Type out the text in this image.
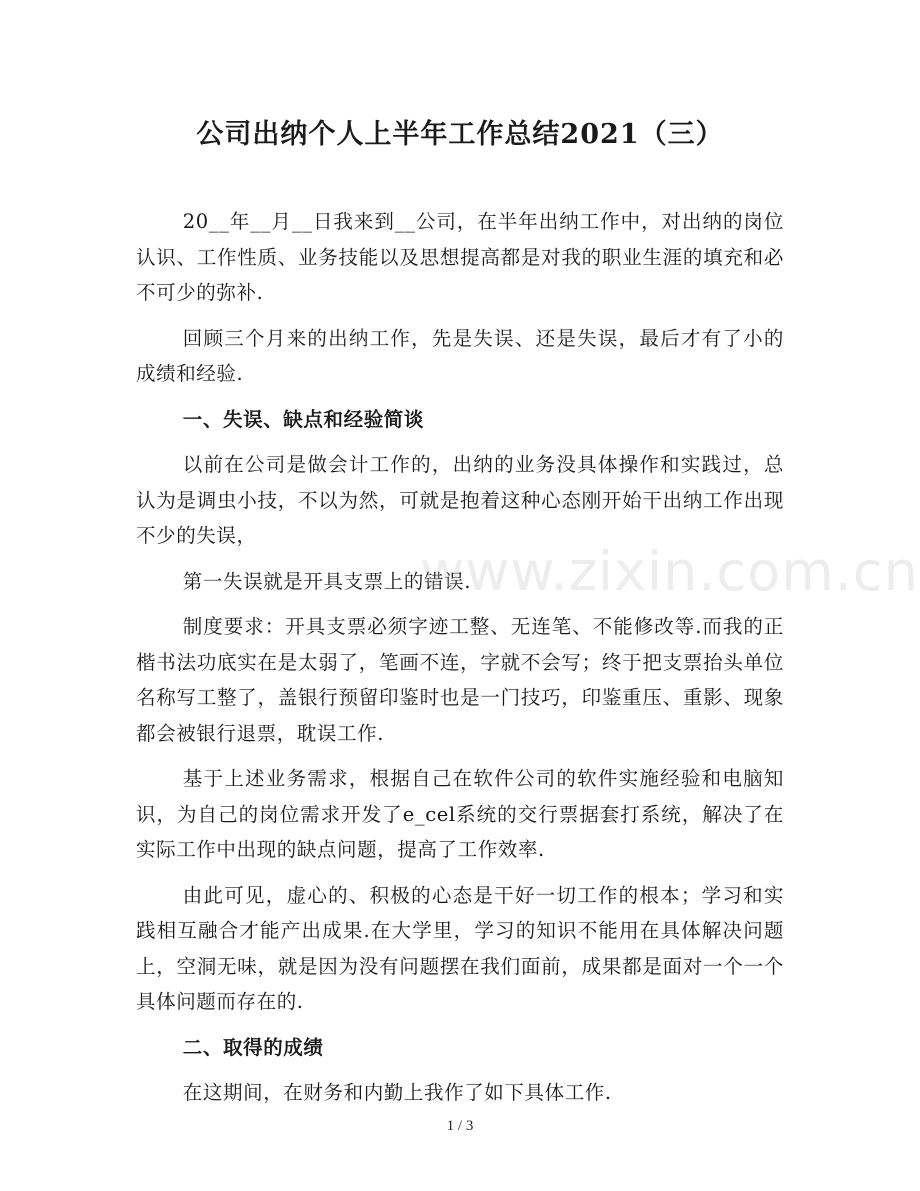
公司出纳个人上半年工作总结2021（三）

20__年__月__日我来到__公司，在半年出纳工作中，对出纳的岗位认识、工作性质、业务技能以及思想提高都是对我的职业生涯的填充和必不可少的弥补.

回顾三个月来的出纳工作，先是失误、还是失误，最后才有了小的成绩和经验.

一、失误、缺点和经验简谈

以前在公司是做会计工作的，出纳的业务没具体操作和实践过，总认为是调虫小技，不以为然，可就是抱着这种心态刚开始干出纳工作出现不少的失误，

第一失误就是开具支票上的错误.

制度要求：开具支票必须字迹工整、无连笔、不能修改等.而我的正楷书法功底实在是太弱了，笔画不连，字就不会写；终于把支票抬头单位名称写工整了，盖银行预留印鉴时也是一门技巧，印鉴重压、重影、现象都会被银行退票，耽误工作.

基于上述业务需求，根据自己在软件公司的软件实施经验和电脑知识，为自己的岗位需求开发了e_cel系统的交行票据套打系统，解决了在实际工作中出现的缺点问题，提高了工作效率.

由此可见，虚心的、积极的心态是干好一切工作的根本；学习和实践相互融合才能产出成果.在大学里，学习的知识不能用在具体解决问题上，空洞无味，就是因为没有问题摆在我们面前，成果都是面对一个一个具体问题而存在的.

二、取得的成绩

在这期间，在财务和内勤上我作了如下具体工作.

www.zixin.com.cn
1 / 3
